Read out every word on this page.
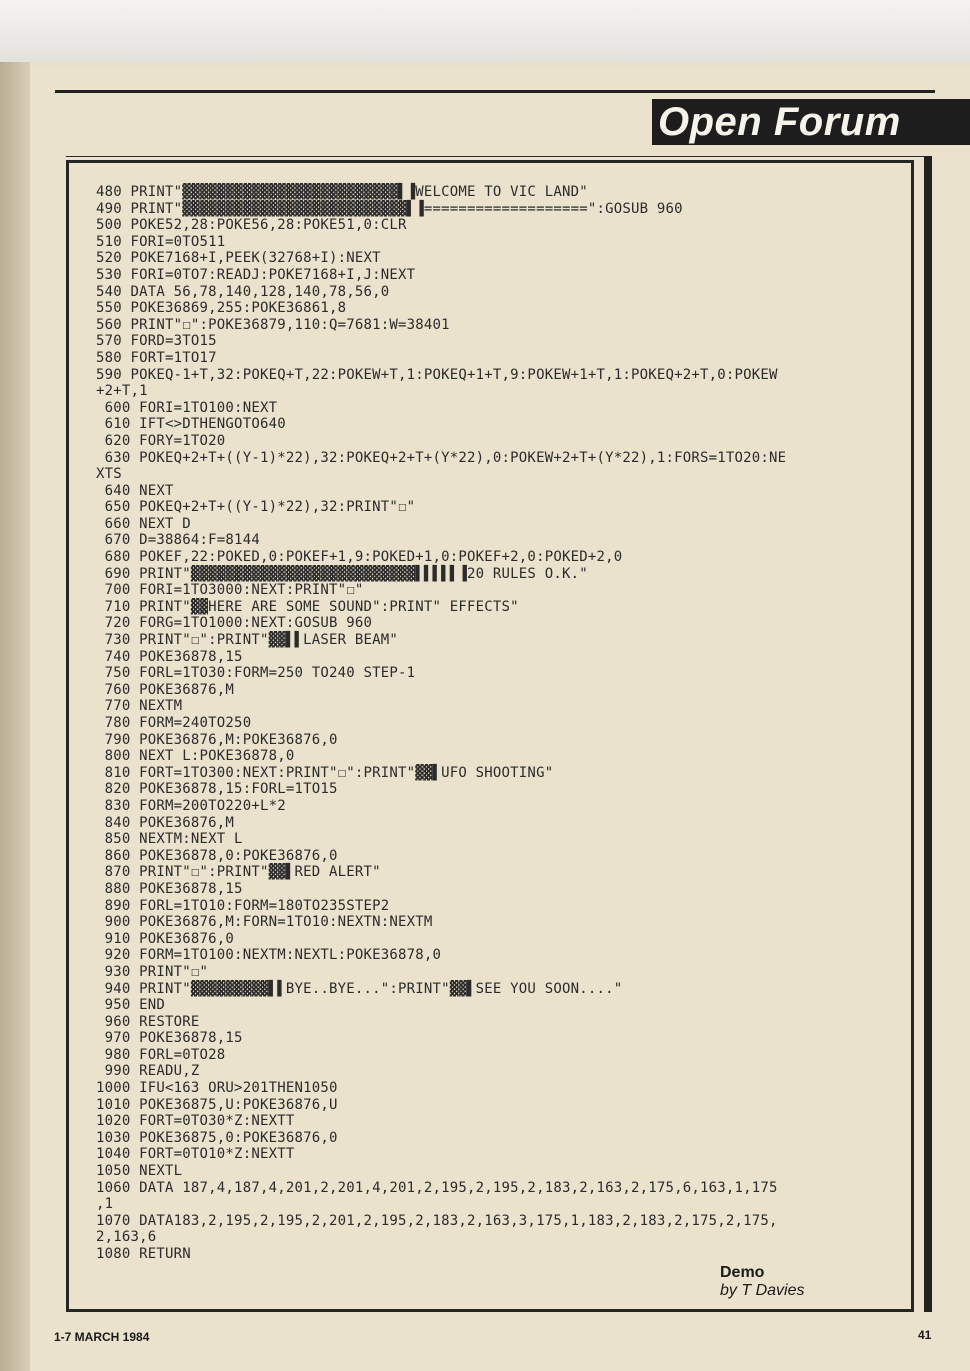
Open Forum
480 PRINT"▓▓▓▓▓▓▓▓▓▓▓▓▓▓▓▓▓▓▓▓▓▓▓▓▓▌▐WELCOME TO VIC LAND"
490 PRINT"▓▓▓▓▓▓▓▓▓▓▓▓▓▓▓▓▓▓▓▓▓▓▓▓▓▓▌▐===================":GOSUB 960
500 POKE52,28:POKE56,28:POKE51,0:CLR
510 FORI=0TO511
520 POKE7168+I,PEEK(32768+I):NEXT
530 FORI=0TO7:READJ:POKE7168+I,J:NEXT
540 DATA 56,78,140,128,140,78,56,0
550 POKE36869,255:POKE36861,8
560 PRINT"☐":POKE36879,110:Q=7681:W=38401
570 FORD=3TO15
580 FORT=1TO17
590 POKEQ-1+T,32:POKEQ+T,22:POKEW+T,1:POKEQ+1+T,9:POKEW+1+T,1:POKEQ+2+T,0:POKEW
+2+T,1
600 FORI=1TO100:NEXT
610 IFT<>DTHENGOTO640
620 FORY=1TO20
630 POKEQ+2+T+((Y-1)*22),32:POKEQ+2+T+(Y*22),0:POKEW+2+T+(Y*22),1:FORS=1TO20:NE
XTS
640 NEXT
650 POKEQ+2+T+((Y-1)*22),32:PRINT"☐"
660 NEXT D
670 D=38864:F=8144
680 POKEF,22:POKED,0:POKEF+1,9:POKED+1,0:POKEF+2,0:POKED+2,0
690 PRINT"▓▓▓▓▓▓▓▓▓▓▓▓▓▓▓▓▓▓▓▓▓▓▓▓▓▓▌▌▌▌▌▐20 RULES O.K."
700 FORI=1TO3000:NEXT:PRINT"☐"
710 PRINT"▓▓HERE ARE SOME SOUND":PRINT" EFFECTS"
720 FORG=1TO1000:NEXT:GOSUB 960
730 PRINT"☐":PRINT"▓▓▌▌LASER BEAM"
740 POKE36878,15
750 FORL=1TO30:FORM=250 TO240 STEP-1
760 POKE36876,M
770 NEXTM
780 FORM=240TO250
790 POKE36876,M:POKE36876,0
800 NEXT L:POKE36878,0
810 FORT=1TO300:NEXT:PRINT"☐":PRINT"▓▓▌UFO SHOOTING"
820 POKE36878,15:FORL=1TO15
830 FORM=200TO220+L*2
840 POKE36876,M
850 NEXTM:NEXT L
860 POKE36878,0:POKE36876,0
870 PRINT"☐":PRINT"▓▓▌RED ALERT"
880 POKE36878,15
890 FORL=1TO10:FORM=180TO235STEP2
900 POKE36876,M:FORN=1TO10:NEXTN:NEXTM
910 POKE36876,0
920 FORM=1TO100:NEXTM:NEXTL:POKE36878,0
930 PRINT"☐"
940 PRINT"▓▓▓▓▓▓▓▓▓▌▌BYE..BYE...":PRINT"▓▓▌SEE YOU SOON...."
950 END
960 RESTORE
970 POKE36878,15
980 FORL=0TO28
990 READU,Z
1000 IFU<163 ORU>201THEN1050
1010 POKE36875,U:POKE36876,U
1020 FORT=0TO30*Z:NEXTT
1030 POKE36875,0:POKE36876,0
1040 FORT=0TO10*Z:NEXTT
1050 NEXTL
1060 DATA 187,4,187,4,201,2,201,4,201,2,195,2,195,2,183,2,163,2,175,6,163,1,175
,1
1070 DATA183,2,195,2,195,2,201,2,195,2,183,2,163,3,175,1,183,2,183,2,175,2,175,
2,163,6
1080 RETURN
Demo
by T Davies
1-7 MARCH 1984	41
